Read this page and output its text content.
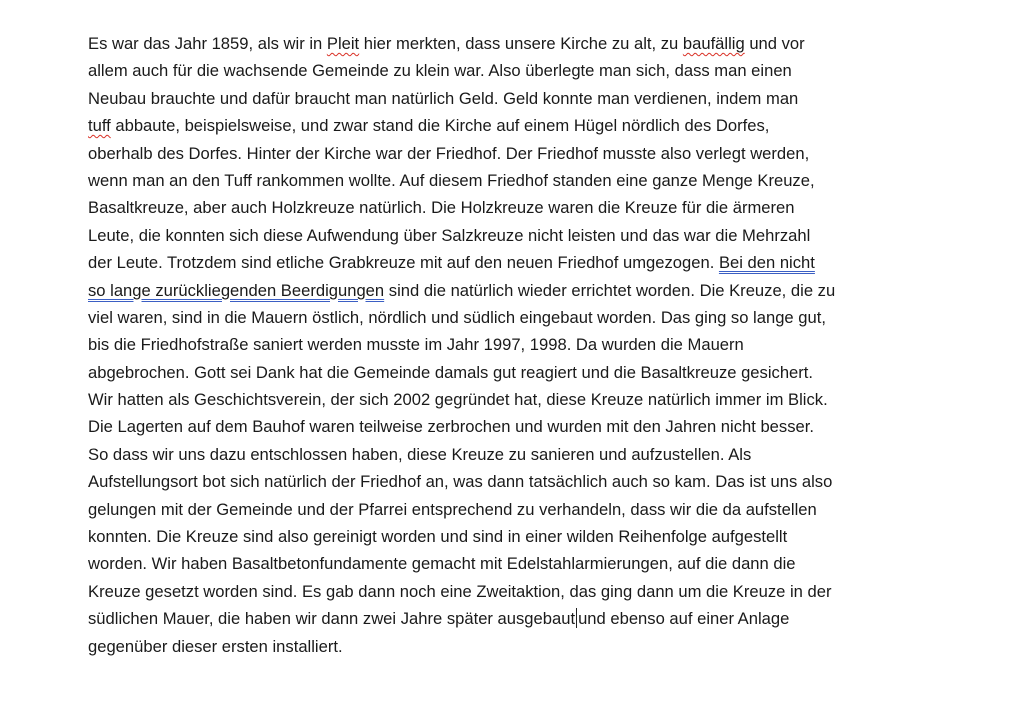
Es war das Jahr 1859, als wir in Pleit hier merkten, dass unsere Kirche zu alt, zu baufällig und vor
allem auch für die wachsende Gemeinde zu klein war. Also überlegte man sich, dass man einen
Neubau brauchte und dafür braucht man natürlich Geld. Geld konnte man verdienen, indem man
tuff abbaute, beispielsweise, und zwar stand die Kirche auf einem Hügel nördlich des Dorfes,
oberhalb des Dorfes. Hinter der Kirche war der Friedhof. Der Friedhof musste also verlegt werden,
wenn man an den Tuff rankommen wollte. Auf diesem Friedhof standen eine ganze Menge Kreuze,
Basaltkreuze, aber auch Holzkreuze natürlich. Die Holzkreuze waren die Kreuze für die ärmeren
Leute, die konnten sich diese Aufwendung über Salzkreuze nicht leisten und das war die Mehrzahl
der Leute. Trotzdem sind etliche Grabkreuze mit auf den neuen Friedhof umgezogen. Bei den nicht
so lange zurückliegenden Beerdigungen sind die natürlich wieder errichtet worden. Die Kreuze, die zu
viel waren, sind in die Mauern östlich, nördlich und südlich eingebaut worden. Das ging so lange gut,
bis die Friedhofstraße saniert werden musste im Jahr 1997, 1998. Da wurden die Mauern
abgebrochen. Gott sei Dank hat die Gemeinde damals gut reagiert und die Basaltkreuze gesichert.
Wir hatten als Geschichtsverein, der sich 2002 gegründet hat, diese Kreuze natürlich immer im Blick.
Die Lagerten auf dem Bauhof waren teilweise zerbrochen und wurden mit den Jahren nicht besser.
So dass wir uns dazu entschlossen haben, diese Kreuze zu sanieren und aufzustellen. Als
Aufstellungsort bot sich natürlich der Friedhof an, was dann tatsächlich auch so kam. Das ist uns also
gelungen mit der Gemeinde und der Pfarrei entsprechend zu verhandeln, dass wir die da aufstellen
konnten. Die Kreuze sind also gereinigt worden und sind in einer wilden Reihenfolge aufgestellt
worden. Wir haben Basaltbetonfundamente gemacht mit Edelstahlarmierungen, auf die dann die
Kreuze gesetzt worden sind. Es gab dann noch eine Zweitaktion, das ging dann um die Kreuze in der
südlichen Mauer, die haben wir dann zwei Jahre später ausgebaut und ebenso auf einer Anlage
gegenüber dieser ersten installiert.
